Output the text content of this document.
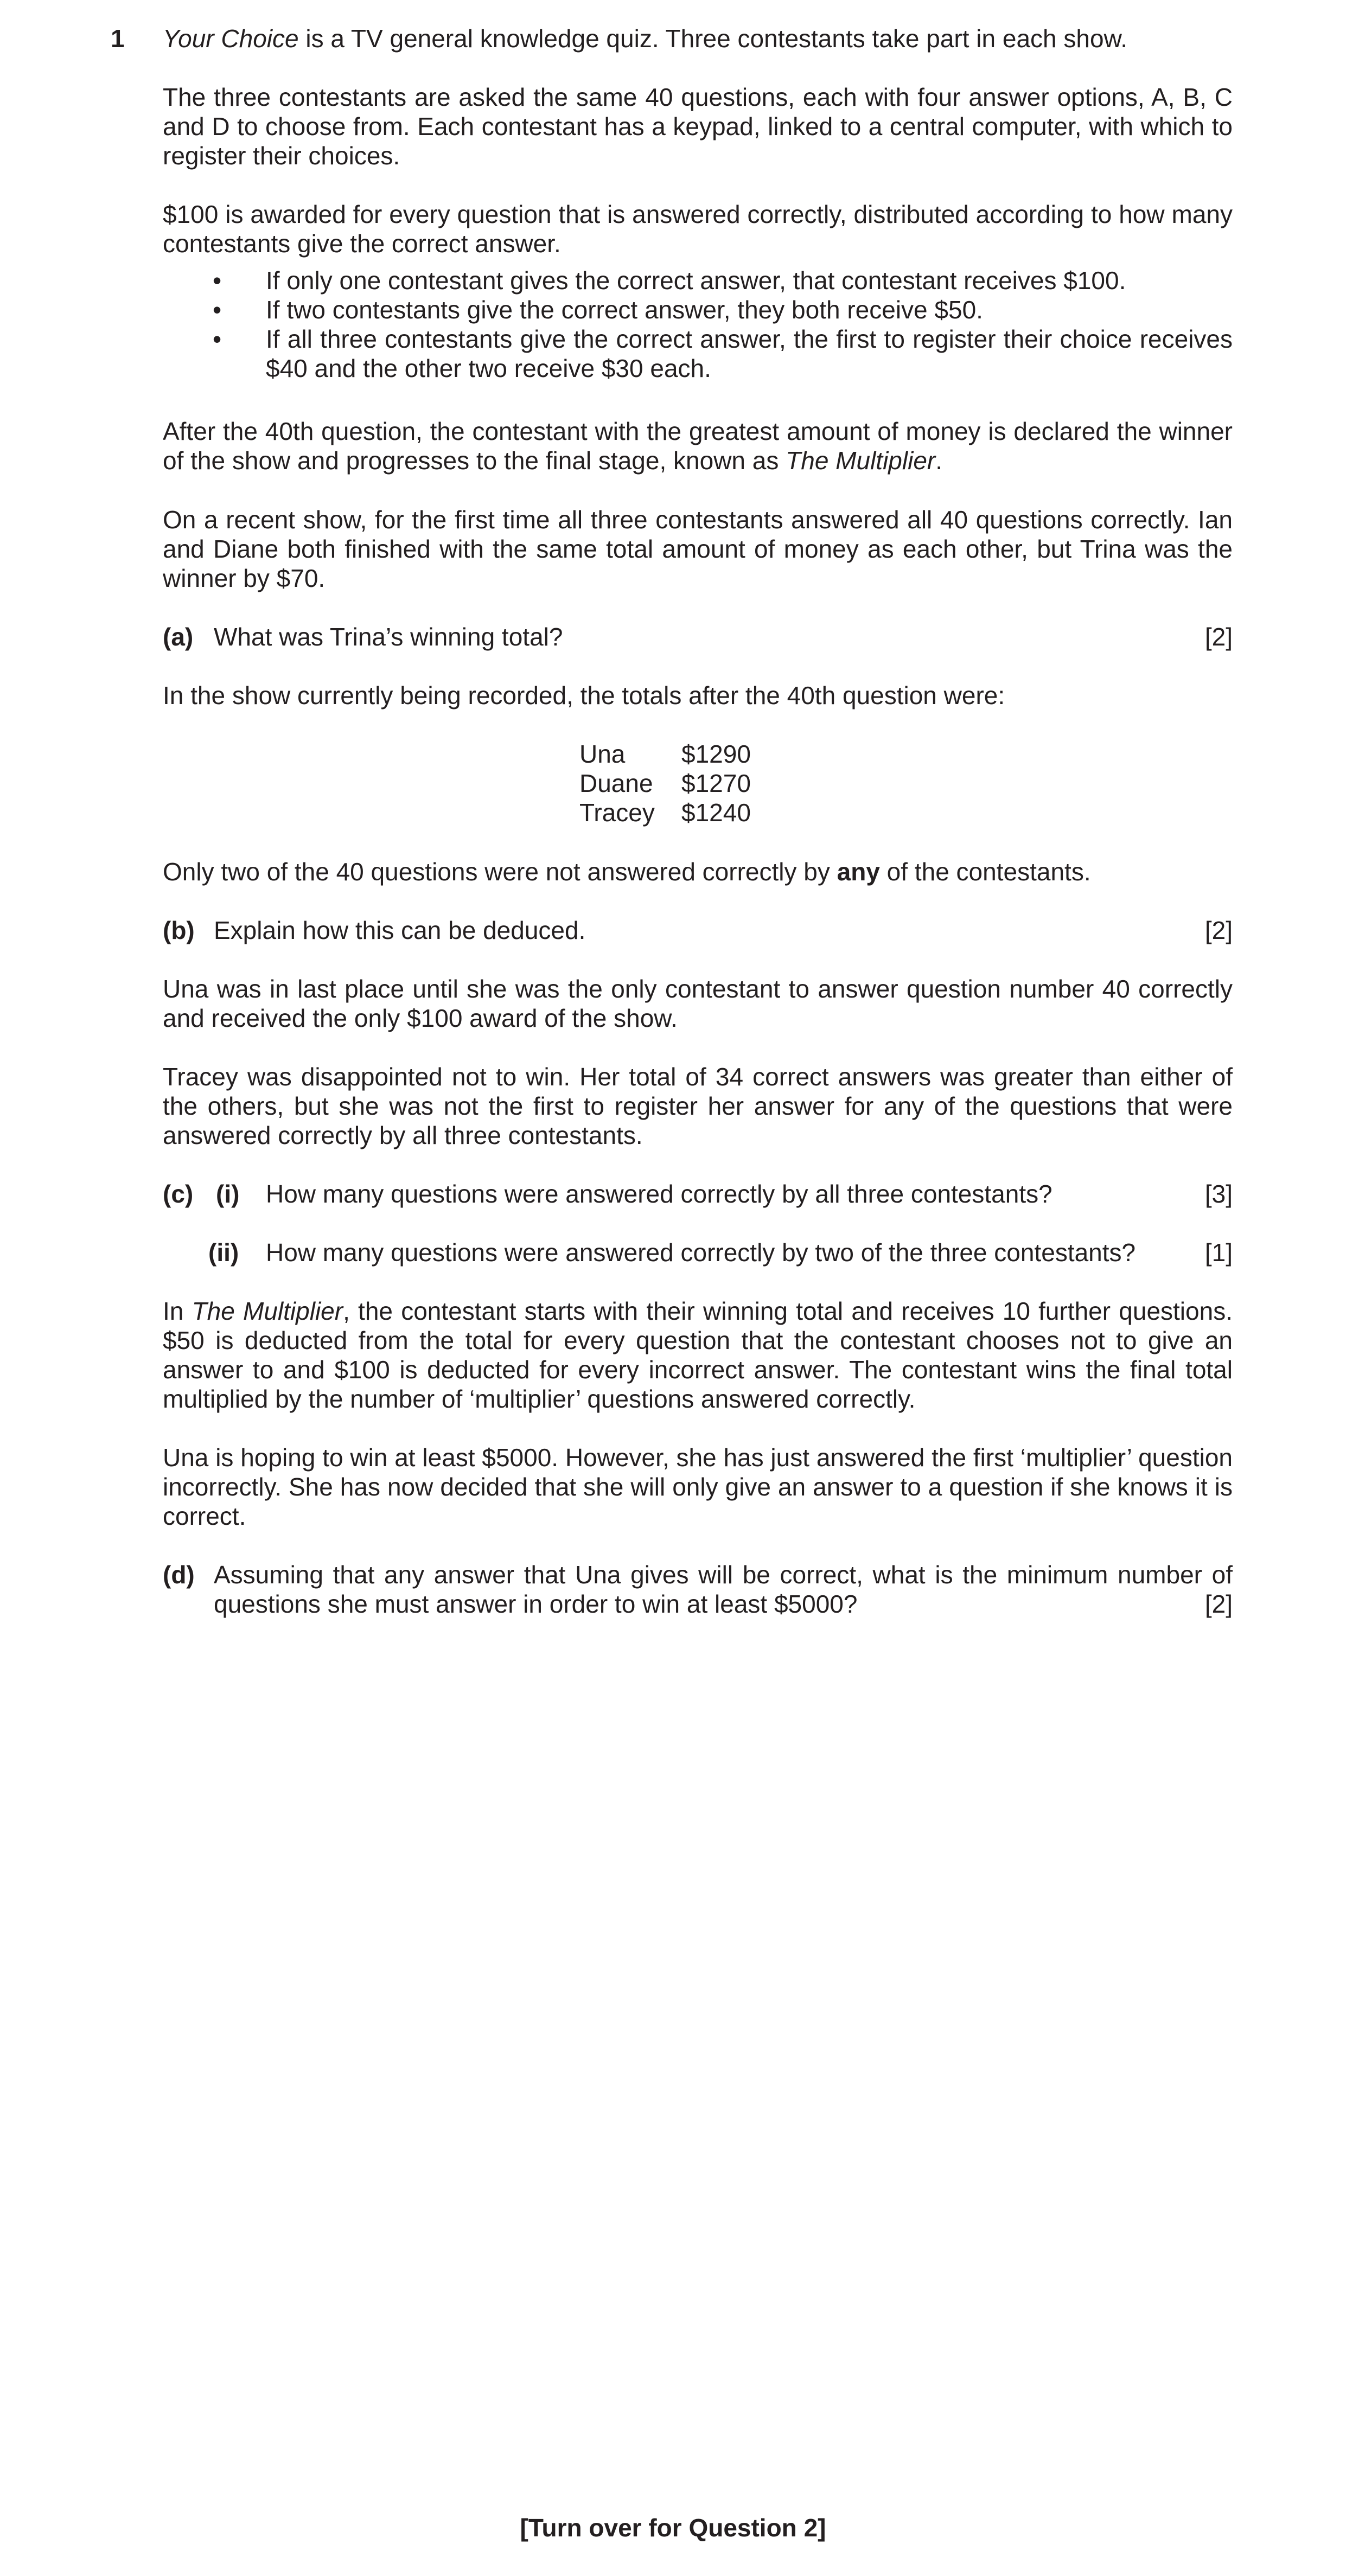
1 Your Choice is a TV general knowledge quiz. Three contestants take part in each show.

The three contestants are asked the same 40 questions, each with four answer options, A, B, C and D to choose from. Each contestant has a keypad, linked to a central computer, with which to register their choices.

$100 is awarded for every question that is answered correctly, distributed according to how many contestants give the correct answer.

• If only one contestant gives the correct answer, that contestant receives $100.
• If two contestants give the correct answer, they both receive $50.
• If all three contestants give the correct answer, the first to register their choice receives $40 and the other two receive $30 each.

After the 40th question, the contestant with the greatest amount of money is declared the winner of the show and progresses to the final stage, known as The Multiplier.

On a recent show, for the first time all three contestants answered all 40 questions correctly. Ian and Diane both finished with the same total amount of money as each other, but Trina was the winner by $70.

(a) What was Trina’s winning total?	[2]

In the show currently being recorded, the totals after the 40th question were:

Una	$1290
Duane	$1270
Tracey	$1240

Only two of the 40 questions were not answered correctly by any of the contestants.

(b) Explain how this can be deduced.	[2]

Una was in last place until she was the only contestant to answer question number 40 correctly and received the only $100 award of the show.

Tracey was disappointed not to win. Her total of 34 correct answers was greater than either of the others, but she was not the first to register her answer for any of the questions that were answered correctly by all three contestants.

(c) (i) How many questions were answered correctly by all three contestants?	[3]
(ii) How many questions were answered correctly by two of the three contestants?	[1]

In The Multiplier, the contestant starts with their winning total and receives 10 further questions. $50 is deducted from the total for every question that the contestant chooses not to give an answer to and $100 is deducted for every incorrect answer. The contestant wins the final total multiplied by the number of ‘multiplier’ questions answered correctly.

Una is hoping to win at least $5000. However, she has just answered the first ‘multiplier’ question incorrectly. She has now decided that she will only give an answer to a question if she knows it is correct.

(d) Assuming that any answer that Una gives will be correct, what is the minimum number of
questions she must answer in order to win at least $5000?	[2]
[Turn over for Question 2]
